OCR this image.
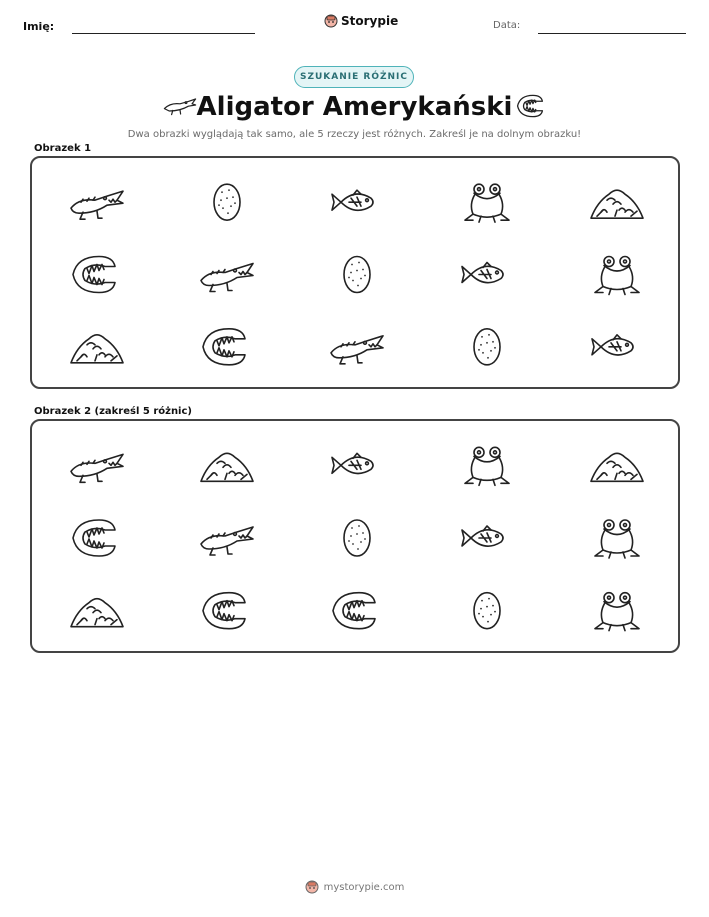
Imię:	Storypie	Data:
SZUKANIE RÓŻNIC
Aligator Amerykański
Dwa obrazki wyglądają tak samo, ale 5 rzeczy jest różnych. Zakreśl je na dolnym obrazku!
Obrazek 1
Obrazek 2 (zakreśl 5 różnic)
mystorypie.com
